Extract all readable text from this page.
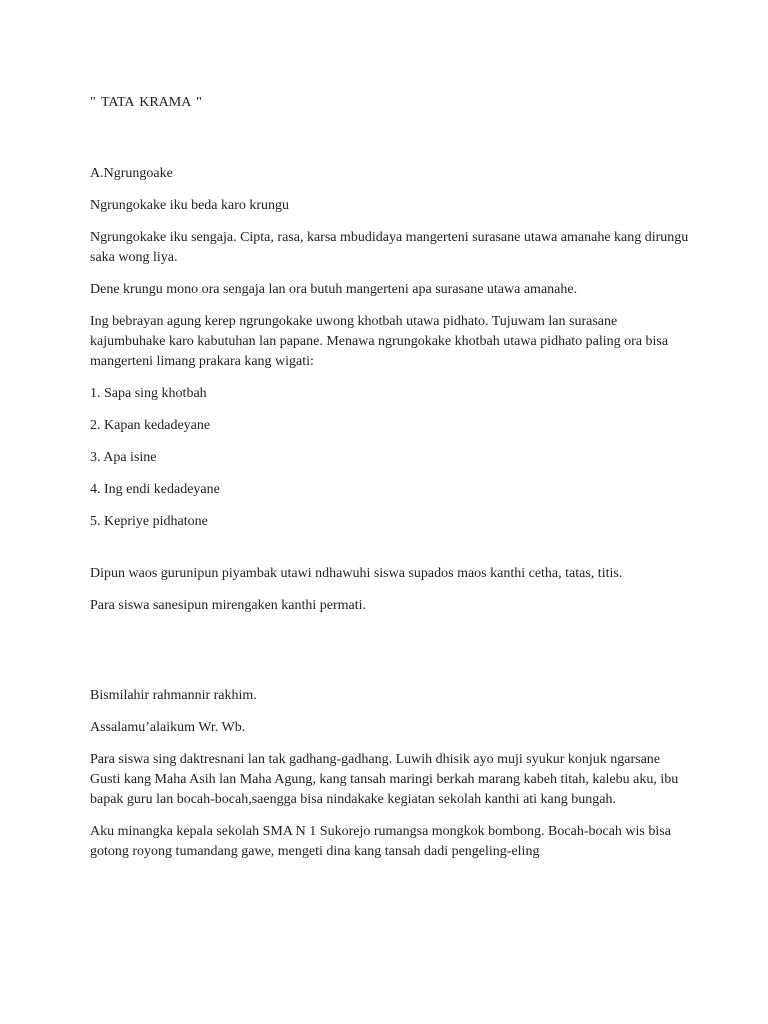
" TATA KRAMA "

A.Ngrungoake

Ngrungokake iku beda karo krungu

Ngrungokake iku sengaja. Cipta, rasa, karsa mbudidaya mangerteni surasane utawa amanahe kang dirungu saka wong liya.

Dene krungu mono ora sengaja lan ora butuh mangerteni apa surasane utawa amanahe.

Ing bebrayan agung kerep ngrungokake uwong khotbah utawa pidhato. Tujuwam lan surasane kajumbuhake karo kabutuhan lan papane. Menawa ngrungokake khotbah utawa pidhato paling ora bisa mangerteni limang prakara kang wigati:

1. Sapa sing khotbah

2. Kapan kedadeyane

3. Apa isine

4. Ing endi kedadeyane

5. Kepriye pidhatone

Dipun waos gurunipun piyambak utawi ndhawuhi siswa supados maos kanthi cetha, tatas, titis.

Para siswa sanesipun mirengaken kanthi permati.

Bismilahir rahmannir rakhim.

Assalamu’alaikum Wr. Wb.

Para siswa sing daktresnani lan tak gadhang-gadhang. Luwih dhisik ayo muji syukur konjuk ngarsane Gusti kang Maha Asih lan Maha Agung, kang tansah maringi berkah marang kabeh titah, kalebu aku, ibu bapak guru lan bocah-bocah,saengga bisa nindakake kegiatan sekolah kanthi ati kang bungah.

Aku minangka kepala sekolah SMA N 1 Sukorejo rumangsa mongkok bombong. Bocah-bocah wis bisa gotong royong tumandang gawe, mengeti dina kang tansah dadi pengeling-eling
